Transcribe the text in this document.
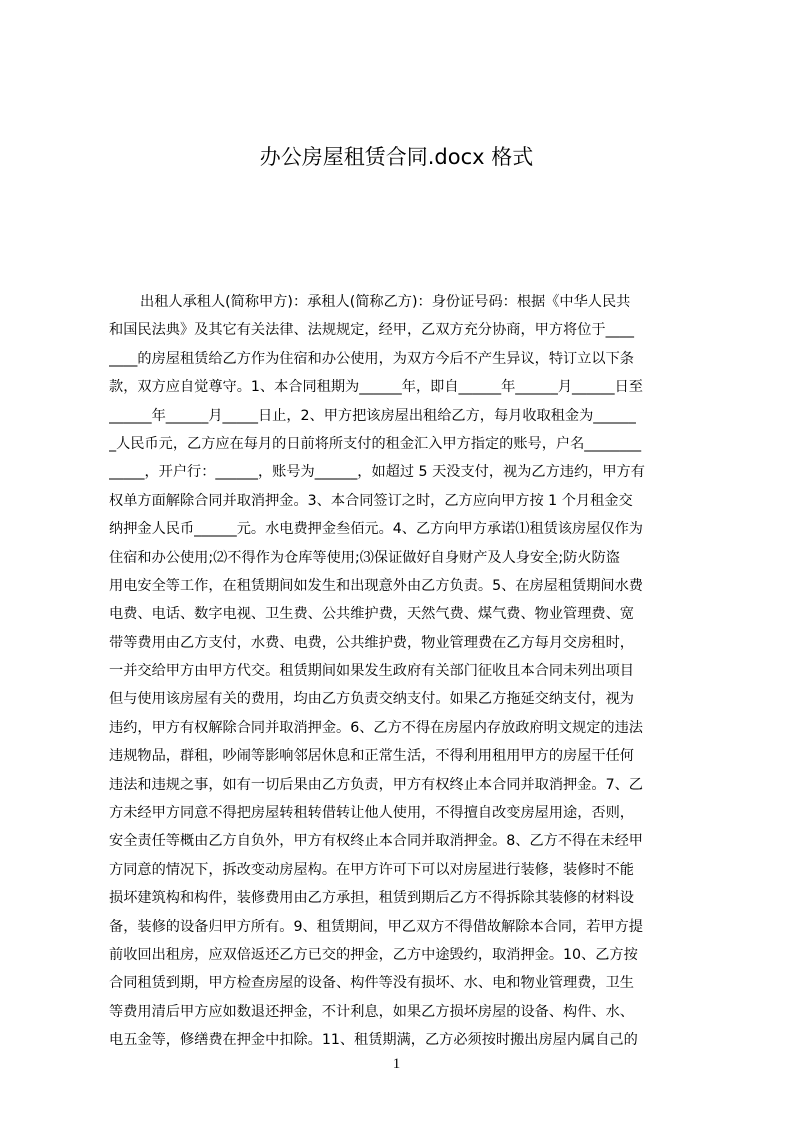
办公房屋租赁合同.docx 格式
出租人承租人(简称甲方)：承租人(简称乙方)：身份证号码：根据《中华人民共
和国民法典》及其它有关法律、法规规定，经甲，乙双方充分协商，甲方将位于____
____的房屋租赁给乙方作为住宿和办公使用，为双方今后不产生异议，特订立以下条
款，双方应自觉尊守。1、本合同租期为______年，即自______年______月______日至
______年______月_____日止，2、甲方把该房屋出租给乙方，每月收取租金为______
_人民币元，乙方应在每月的日前将所支付的租金汇入甲方指定的账号，户名________
_____，开户行：______，账号为______，如超过 5 天没支付，视为乙方违约，甲方有
权单方面解除合同并取消押金。3、本合同签订之时，乙方应向甲方按 1 个月租金交
纳押金人民币______元。水电费押金叁佰元。4、乙方向甲方承诺⑴租赁该房屋仅作为
住宿和办公使用;⑵不得作为仓库等使用;⑶保证做好自身财产及人身安全;防火防盗
用电安全等工作，在租赁期间如发生和出现意外由乙方负责。5、在房屋租赁期间水费
电费、电话、数字电视、卫生费、公共维护费，天然气费、煤气费、物业管理费、宽
带等费用由乙方支付，水费、电费，公共维护费，物业管理费在乙方每月交房租时，
一并交给甲方由甲方代交。租赁期间如果发生政府有关部门征收且本合同未列出项目
但与使用该房屋有关的费用，均由乙方负责交纳支付。如果乙方拖延交纳支付，视为
违约，甲方有权解除合同并取消押金。6、乙方不得在房屋内存放政府明文规定的违法
违规物品，群租，吵闹等影响邻居休息和正常生活，不得利用租用甲方的房屋干任何
违法和违规之事，如有一切后果由乙方负责，甲方有权终止本合同并取消押金。7、乙
方未经甲方同意不得把房屋转租转借转让他人使用，不得擅自改变房屋用途，否则，
安全责任等概由乙方自负外，甲方有权终止本合同并取消押金。8、乙方不得在未经甲
方同意的情况下，拆改变动房屋构。在甲方许可下可以对房屋进行装修，装修时不能
损坏建筑构和构件，装修费用由乙方承担，租赁到期后乙方不得拆除其装修的材料设
备，装修的设备归甲方所有。9、租赁期间，甲乙双方不得借故解除本合同，若甲方提
前收回出租房，应双倍返还乙方已交的押金，乙方中途毁约，取消押金。10、乙方按
合同租赁到期，甲方检查房屋的设备、构件等没有损坏、水、电和物业管理费，卫生
等费用清后甲方应如数退还押金，不计利息，如果乙方损坏房屋的设备、构件、水、
电五金等，修缮费在押金中扣除。11、租赁期满，乙方必须按时搬出房屋内属自己的
1
